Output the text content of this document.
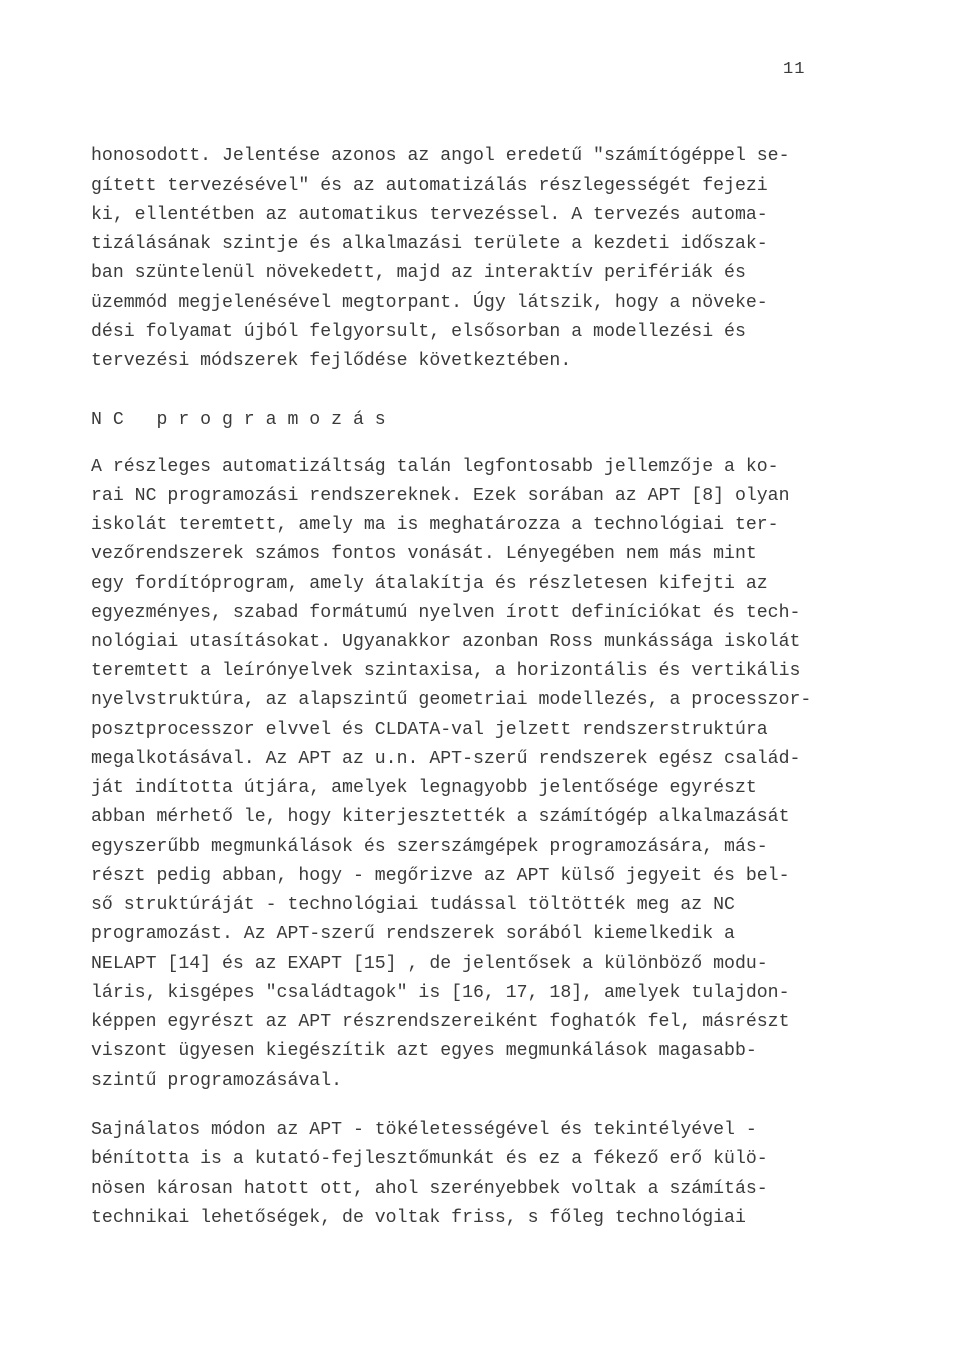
11
honosodott. Jelentése azonos az angol eredetű "számítógéppel se-
gített tervezésével" és az automatizálás részlegességét fejezi
ki, ellentétben az automatikus tervezéssel. A tervezés automa-
tizálásának szintje és alkalmazási területe a kezdeti időszak-
ban szüntelenül növekedett, majd az interaktív perifériák és
üzemmód megjelenésével megtorpant. Úgy látszik, hogy a növeke-
dési folyamat újból felgyorsult, elsősorban a modellezési és
tervezési módszerek fejlődése következtében.
N C   p r o g r a m o z á s
A részleges automatizáltság talán legfontosabb jellemzője a ko-
rai NC programozási rendszereknek. Ezek sorában az APT [8] olyan
iskolát teremtett, amely ma is meghatározza a technológiai ter-
vezőrendszerek számos fontos vonását. Lényegében nem más mint
egy fordítóprogram, amely átalakítja és részletesen kifejti az
egyezményes, szabad formátumú nyelven írott definíciókat és tech-
nológiai utasításokat. Ugyanakkor azonban Ross munkássága iskolát
teremtett a leírónyelvek szintaxisa, a horizontális és vertikális
nyelvstruktúra, az alapszintű geometriai modellezés, a processzor-
posztprocesszor elvvel és CLDATA-val jelzett rendszerstruktúra
megalkotásával. Az APT az u.n. APT-szerű rendszerek egész család-
ját indította útjára, amelyek legnagyobb jelentősége egyrészt
abban mérhető le, hogy kiterjesztették a számítógép alkalmazását
egyszerűbb megmunkálások és szerszámgépek programozására, más-
részt pedig abban, hogy - megőrizve az APT külső jegyeit és bel-
ső struktúráját - technológiai tudással töltötték meg az NC
programozást. Az APT-szerű rendszerek sorából kiemelkedik a
NELAPT [14] és az EXAPT [15] , de jelentősek a különböző modu-
láris, kisgépes "családtagok" is [16, 17, 18], amelyek tulajdon-
képpen egyrészt az APT részrendszereiként foghatók fel, másrészt
viszont ügyesen kiegészítik azt egyes megmunkálások magasabb-
szintű programozásával.
Sajnálatos módon az APT - tökéletességével és tekintélyével -
bénította is a kutató-fejlesztőmunkát és ez a fékező erő külö-
nösen károsan hatott ott, ahol szerényebbek voltak a számítás-
technikai lehetőségek, de voltak friss, s főleg technológiai
